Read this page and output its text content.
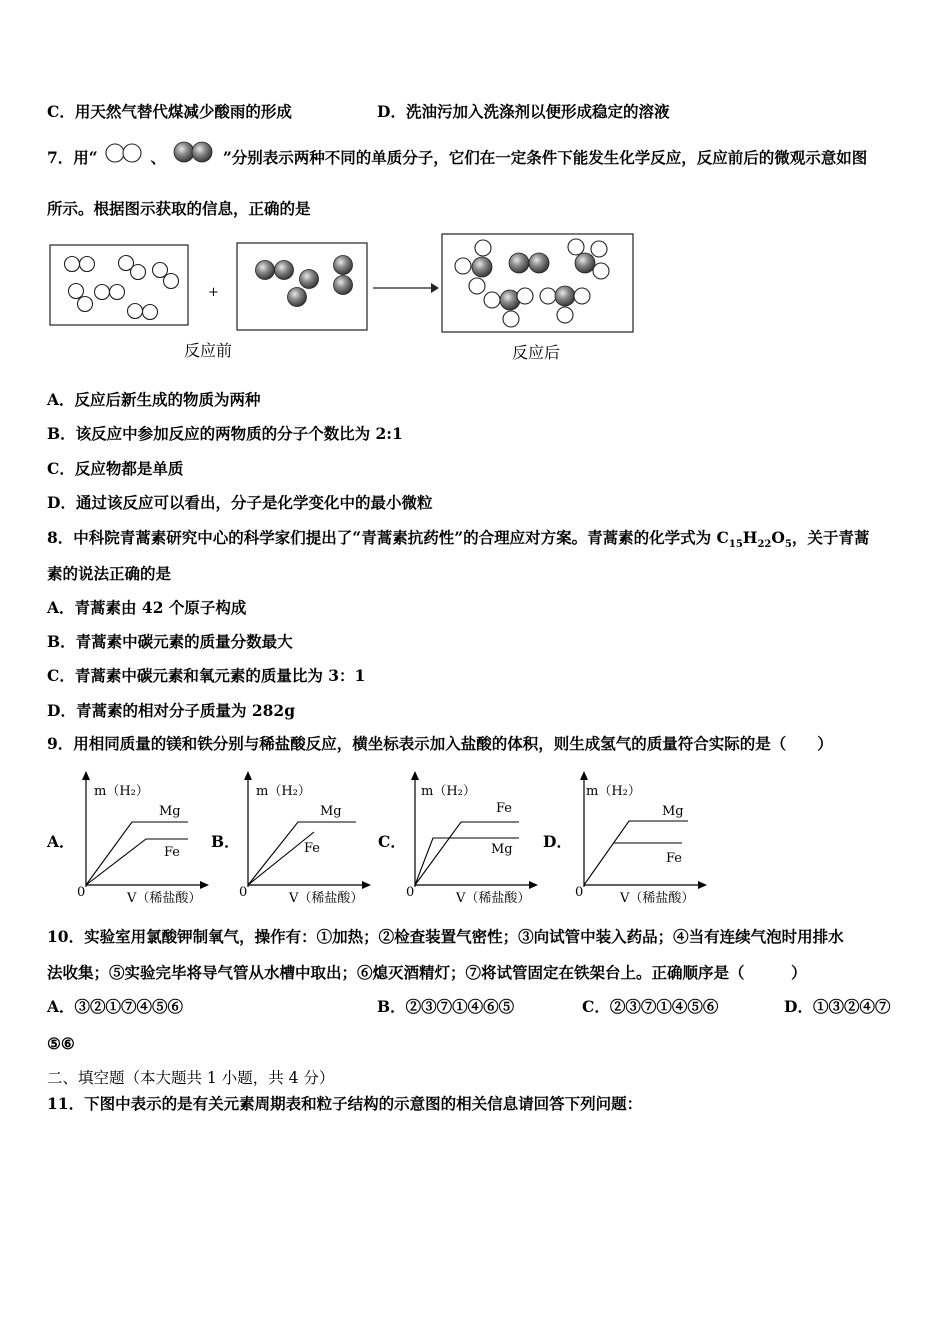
C．用天然气替代煤减少酸雨的形成	D．洗油污加入洗涤剂以便形成稳定的溶液
7．用“	、	”分别表示两种不同的单质分子，它们在一定条件下能发生化学反应，反应前后的微观示意如图
所示。根据图示获取的信息，正确的是
+
反应前	反应后
A．反应后新生成的物质为两种
B．该反应中参加反应的两物质的分子个数比为 2:1
C．反应物都是单质
D．通过该反应可以看出，分子是化学变化中的最小微粒
8．中科院青蒿素研究中心的科学家们提出了“青蒿素抗药性”的合理应对方案。青蒿素的化学式为 $C_{15}H_{22}O_5$，关于青蒿
素的说法正确的是
A．青蒿素由 42 个原子构成
B．青蒿素中碳元素的质量分数最大
C．青蒿素中碳元素和氧元素的质量比为 3：1
D．青蒿素的相对分子质量为 282g
9．用相同质量的镁和铁分别与稀盐酸反应，横坐标表示加入盐酸的体积，则生成氢气的质量符合实际的是（　　）
A．
m（H₂）
0	V（稀盐酸）
Mg
Fe
B．
m（H₂）
0	V（稀盐酸）
Mg
Fe	C．
m（H₂）
0	V（稀盐酸）
Fe
Mg D．
m（H₂）
0	V（稀盐酸）
Mg
Fe
10．实验室用氯酸钾制氧气，操作有：①加热；②检查装置气密性；③向试管中装入药品；④当有连续气泡时用排水
法收集；⑤实验完毕将导气管从水槽中取出；⑥熄灭酒精灯；⑦将试管固定在铁架台上。正确顺序是（　　　）
A．③②①⑦④⑤⑥	B．②③⑦①④⑥⑤	C．②③⑦①④⑤⑥	D．①③②④⑦
⑤⑥
二、填空题（本大题共 1 小题，共 4 分）
11．下图中表示的是有关元素周期表和粒子结构的示意图的相关信息请回答下列问题：
